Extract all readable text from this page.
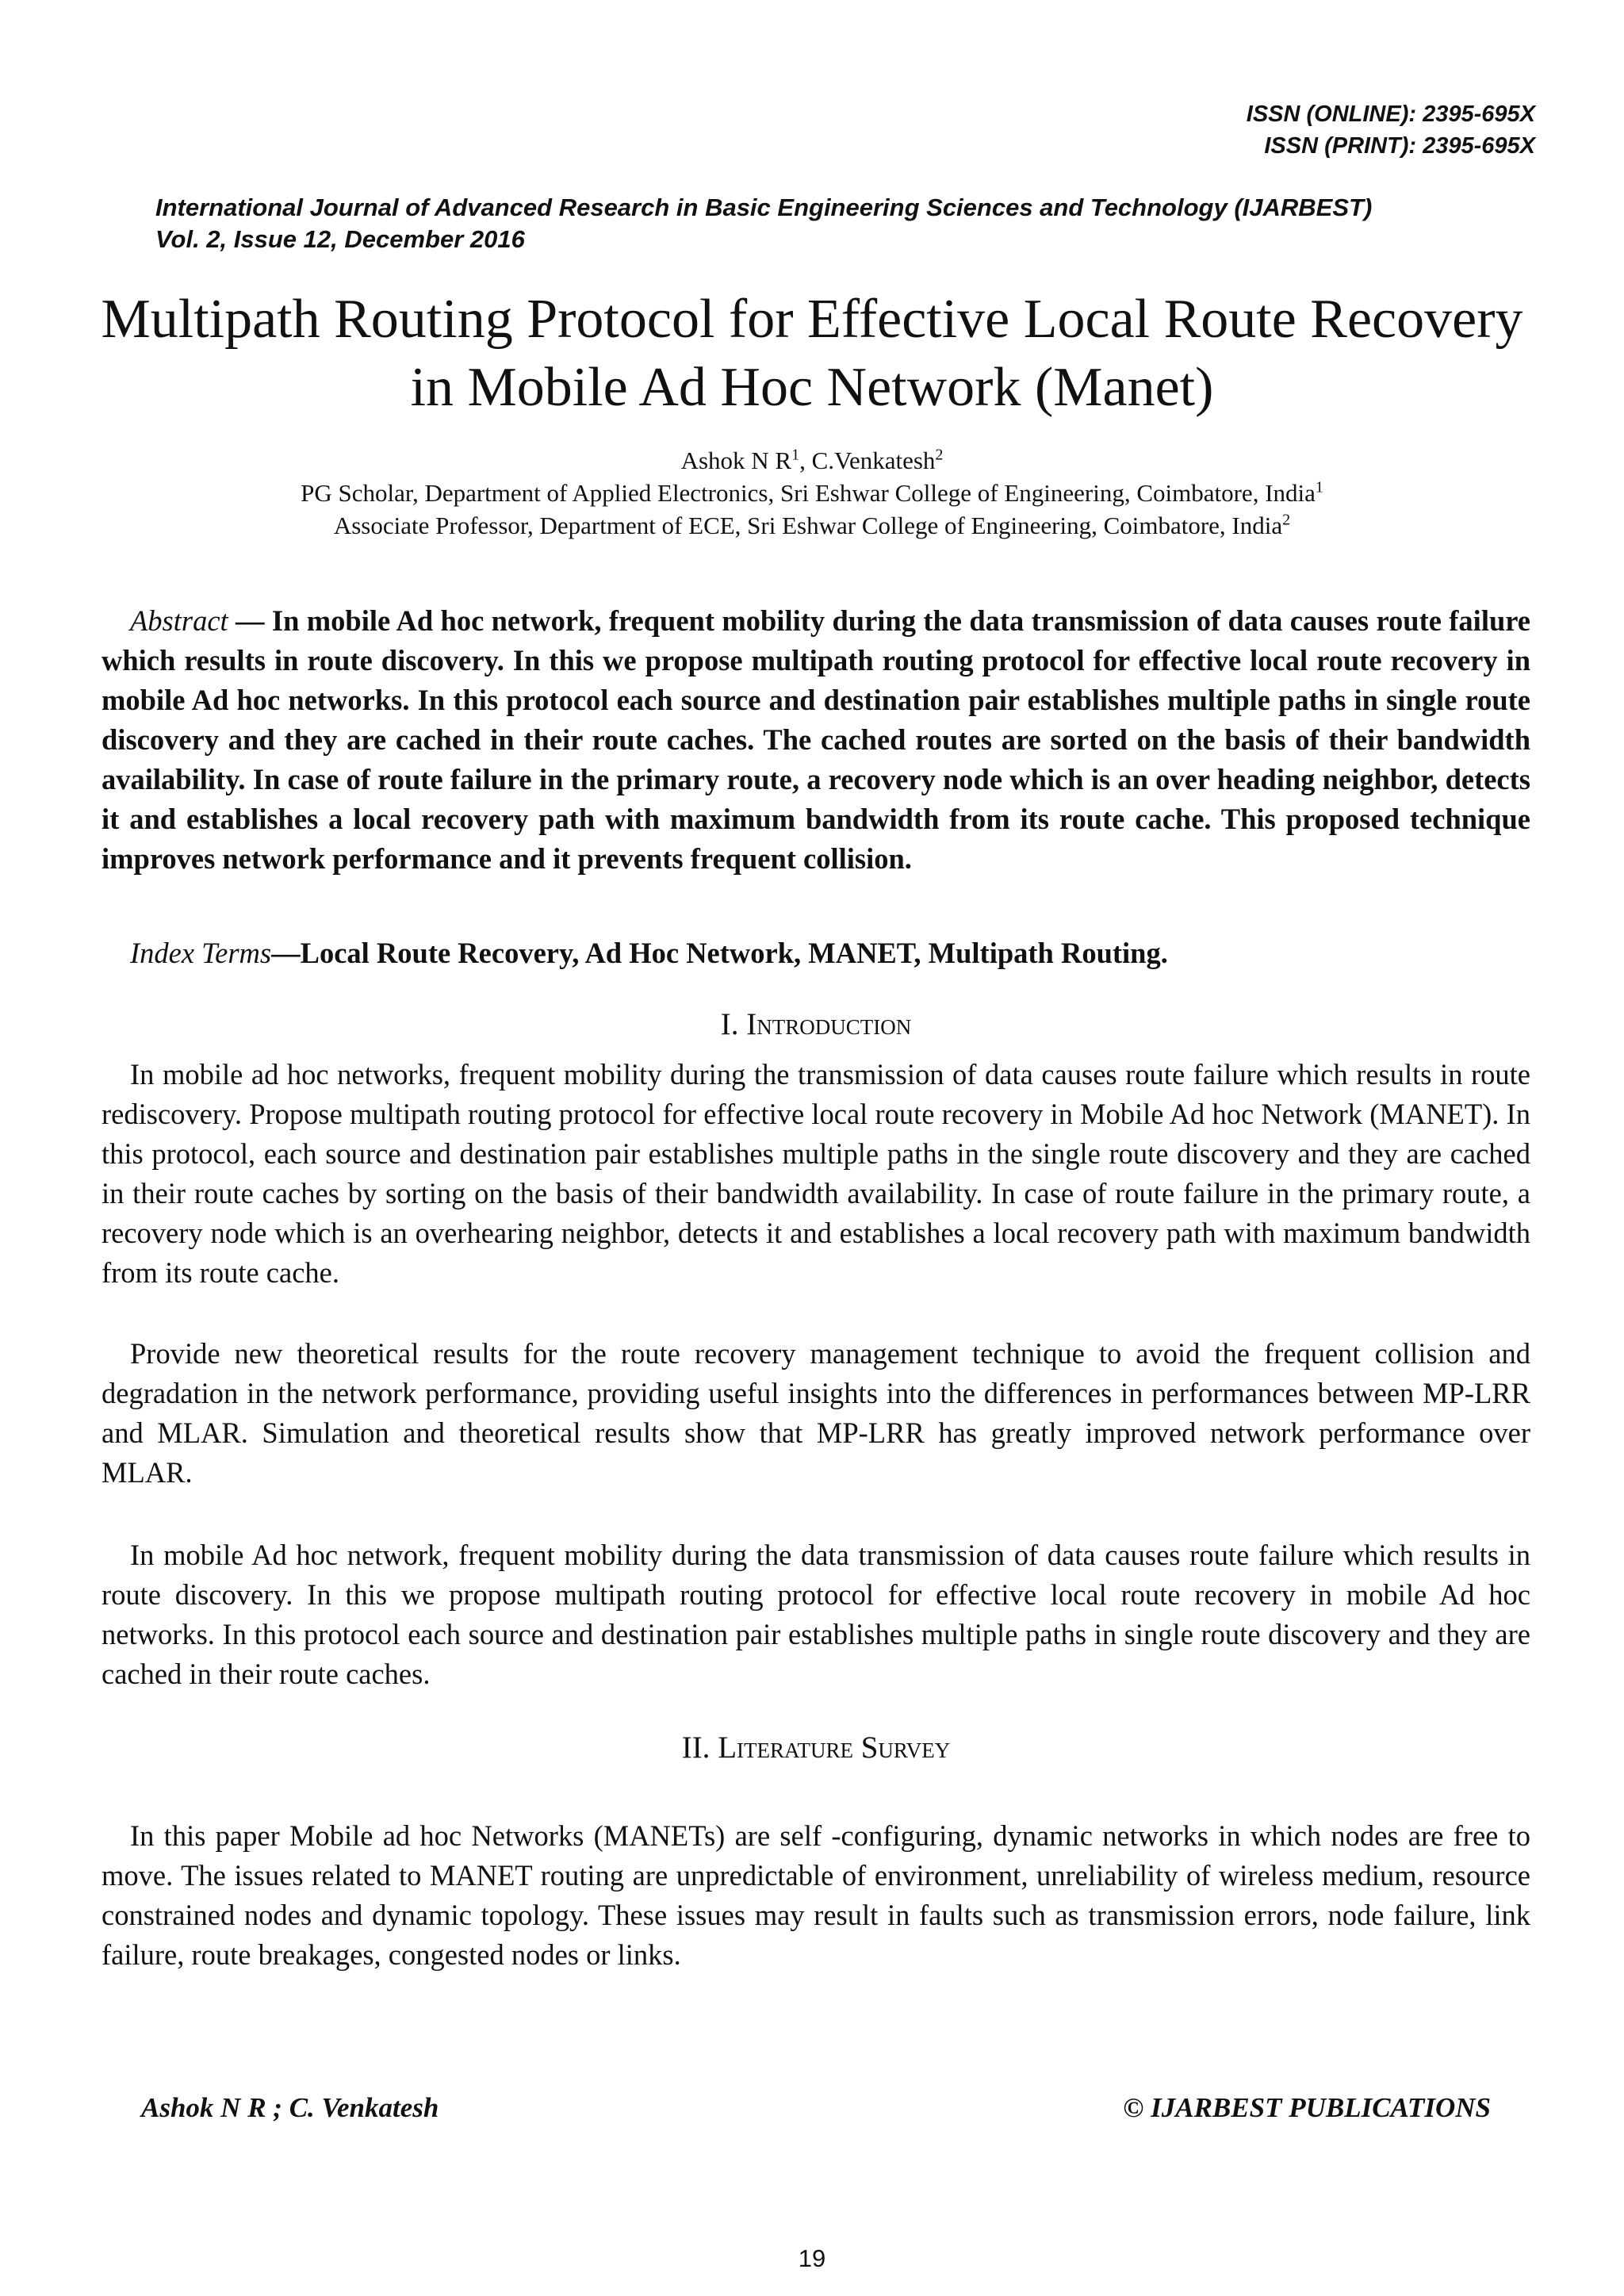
ISSN (ONLINE): 2395-695X
ISSN (PRINT): 2395-695X
International Journal of Advanced Research in Basic Engineering Sciences and Technology (IJARBEST)
Vol. 2, Issue 12, December 2016
Multipath Routing Protocol for Effective Local Route Recovery
in Mobile Ad Hoc Network (Manet)
Ashok N $R^1$, C.Venkatesh$^2$
PG Scholar, Department of Applied Electronics, Sri Eshwar College of Engineering, Coimbatore, India$^1$
Associate Professor, Department of ECE, Sri Eshwar College of Engineering, Coimbatore, India$^2$

Abstract — In mobile Ad hoc network, frequent mobility during the data transmission of data causes route failure which results in route discovery. In this we propose multipath routing protocol for effective local route recovery in mobile Ad hoc networks. In this protocol each source and destination pair establishes multiple paths in single route discovery and they are cached in their route caches. The cached routes are sorted on the basis of their bandwidth availability. In case of route failure in the primary route, a recovery node which is an over heading neighbor, detects it and establishes a local recovery path with maximum bandwidth from its route cache. This proposed technique improves network performance and it prevents frequent collision.

Index Terms—Local Route Recovery, Ad Hoc Network, MANET, Multipath Routing.

I. Introduction

In mobile ad hoc networks, frequent mobility during the transmission of data causes route failure which results in route rediscovery. Propose multipath routing protocol for effective local route recovery in Mobile Ad hoc Network (MANET). In this protocol, each source and destination pair establishes multiple paths in the single route discovery and they are cached in their route caches by sorting on the basis of their bandwidth availability. In case of route failure in the primary route, a recovery node which is an overhearing neighbor, detects it and establishes a local recovery path with maximum bandwidth from its route cache.

Provide new theoretical results for the route recovery management technique to avoid the frequent collision and degradation in the network performance, providing useful insights into the differences in performances between MP-LRR and MLAR. Simulation and theoretical results show that MP-LRR has greatly improved network performance over MLAR.

In mobile Ad hoc network, frequent mobility during the data transmission of data causes route failure which results in route discovery. In this we propose multipath routing protocol for effective local route recovery in mobile Ad hoc networks. In this protocol each source and destination pair establishes multiple paths in single route discovery and they are cached in their route caches.

II. Literature Survey

In this paper Mobile ad hoc Networks (MANETs) are self -configuring, dynamic networks in which nodes are free to move. The issues related to MANET routing are unpredictable of environment, unreliability of wireless medium, resource constrained nodes and dynamic topology. These issues may result in faults such as transmission errors, node failure, link failure, route breakages, congested nodes or links.

Ashok N R ; C. Venkatesh	© IJARBEST PUBLICATIONS
19
